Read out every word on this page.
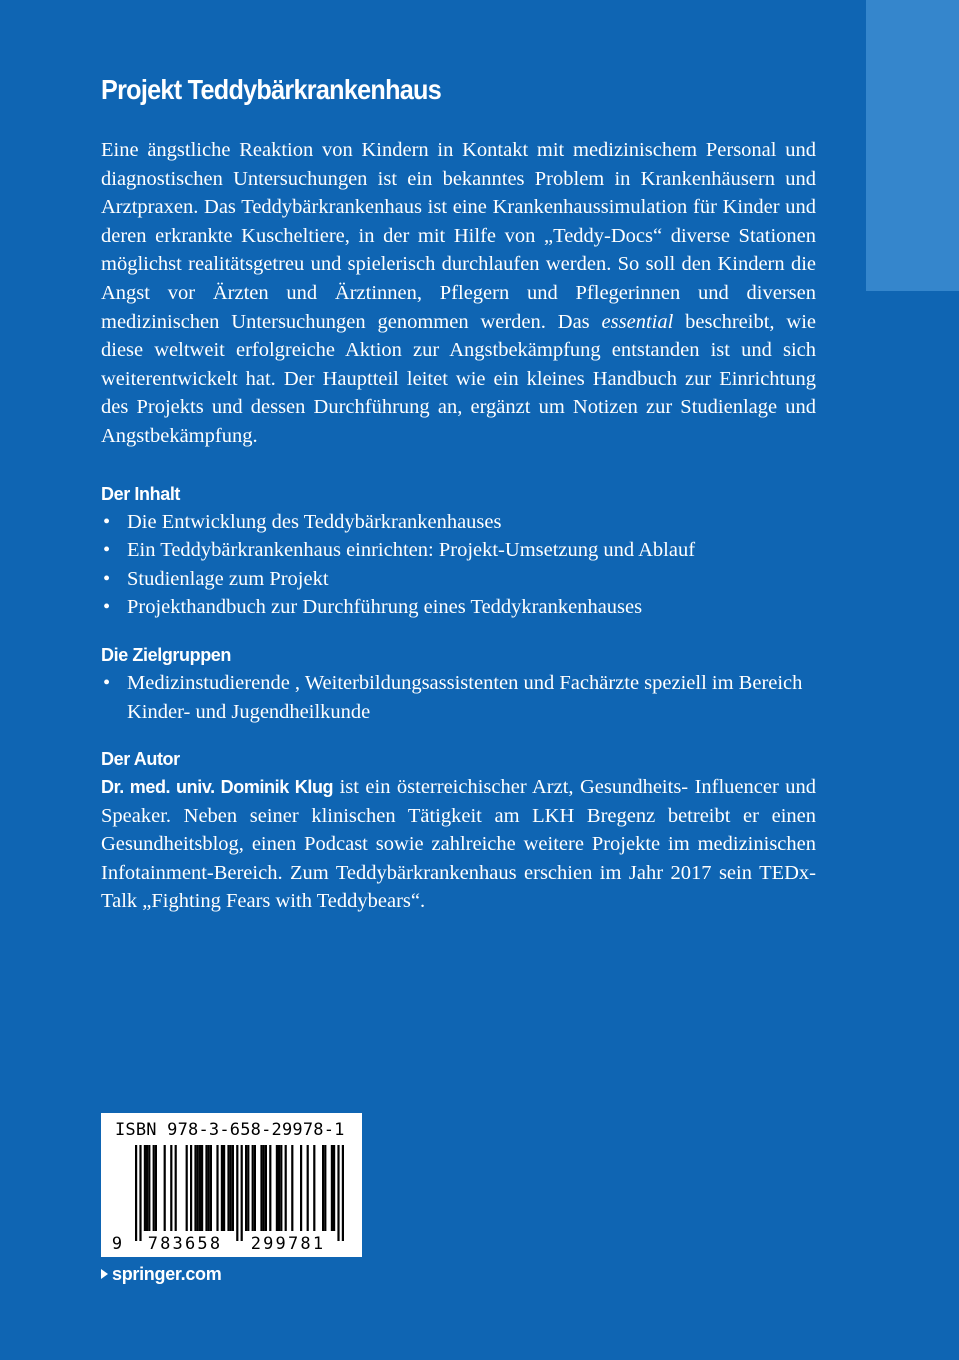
Projekt Teddybärkrankenhaus

Eine ängstliche Reaktion von Kindern in Kontakt mit medizinischem Personal und diagnostischen Untersuchungen ist ein bekanntes Problem in Krankenhäusern und Arztpraxen. Das Teddybärkrankenhaus ist eine Krankenhaussimulation für Kinder und deren erkrankte Kuscheltiere, in der mit Hilfe von „Teddy-Docs“ diverse Stationen möglichst realitätsgetreu und spielerisch durchlaufen werden. So soll den Kindern die Angst vor Ärzten und Ärztinnen, Pflegern und Pflegerinnen und diversen medizinischen Untersuchungen genommen werden. Das essential beschreibt, wie diese weltweit erfolgreiche Aktion zur Angstbekämpfung entstanden ist und sich weiterentwickelt hat. Der Hauptteil leitet wie ein kleines Handbuch zur Einrichtung des Projekts und dessen Durchführung an, ergänzt um Notizen zur Studienlage und Angstbekämpfung.

Der Inhalt
• Die Entwicklung des Teddybärkrankenhauses
• Ein Teddybärkrankenhaus einrichten: Projekt-Umsetzung und Ablauf
• Studienlage zum Projekt
• Projekthandbuch zur Durchführung eines Teddykrankenhauses
Die Zielgruppen
• Medizinstudierende , Weiterbildungsassistenten und Fachärzte speziell im Bereich Kinder- und Jugendheilkunde
Der Autor

Dr. med. univ. Dominik Klug ist ein österreichischer Arzt, Gesundheits- Influencer und Speaker. Neben seiner klinischen Tätigkeit am LKH Bregenz betreibt er einen Gesundheitsblog, einen Podcast sowie zahlreiche weitere Projekte im medizinischen Infotainment-Bereich. Zum Teddybärkrankenhaus erschien im Jahr 2017 sein TEDx-Talk „Fighting Fears with Teddybears“.

ISBN 978-3-658-29978-1
9 783658 299781
springer.com
